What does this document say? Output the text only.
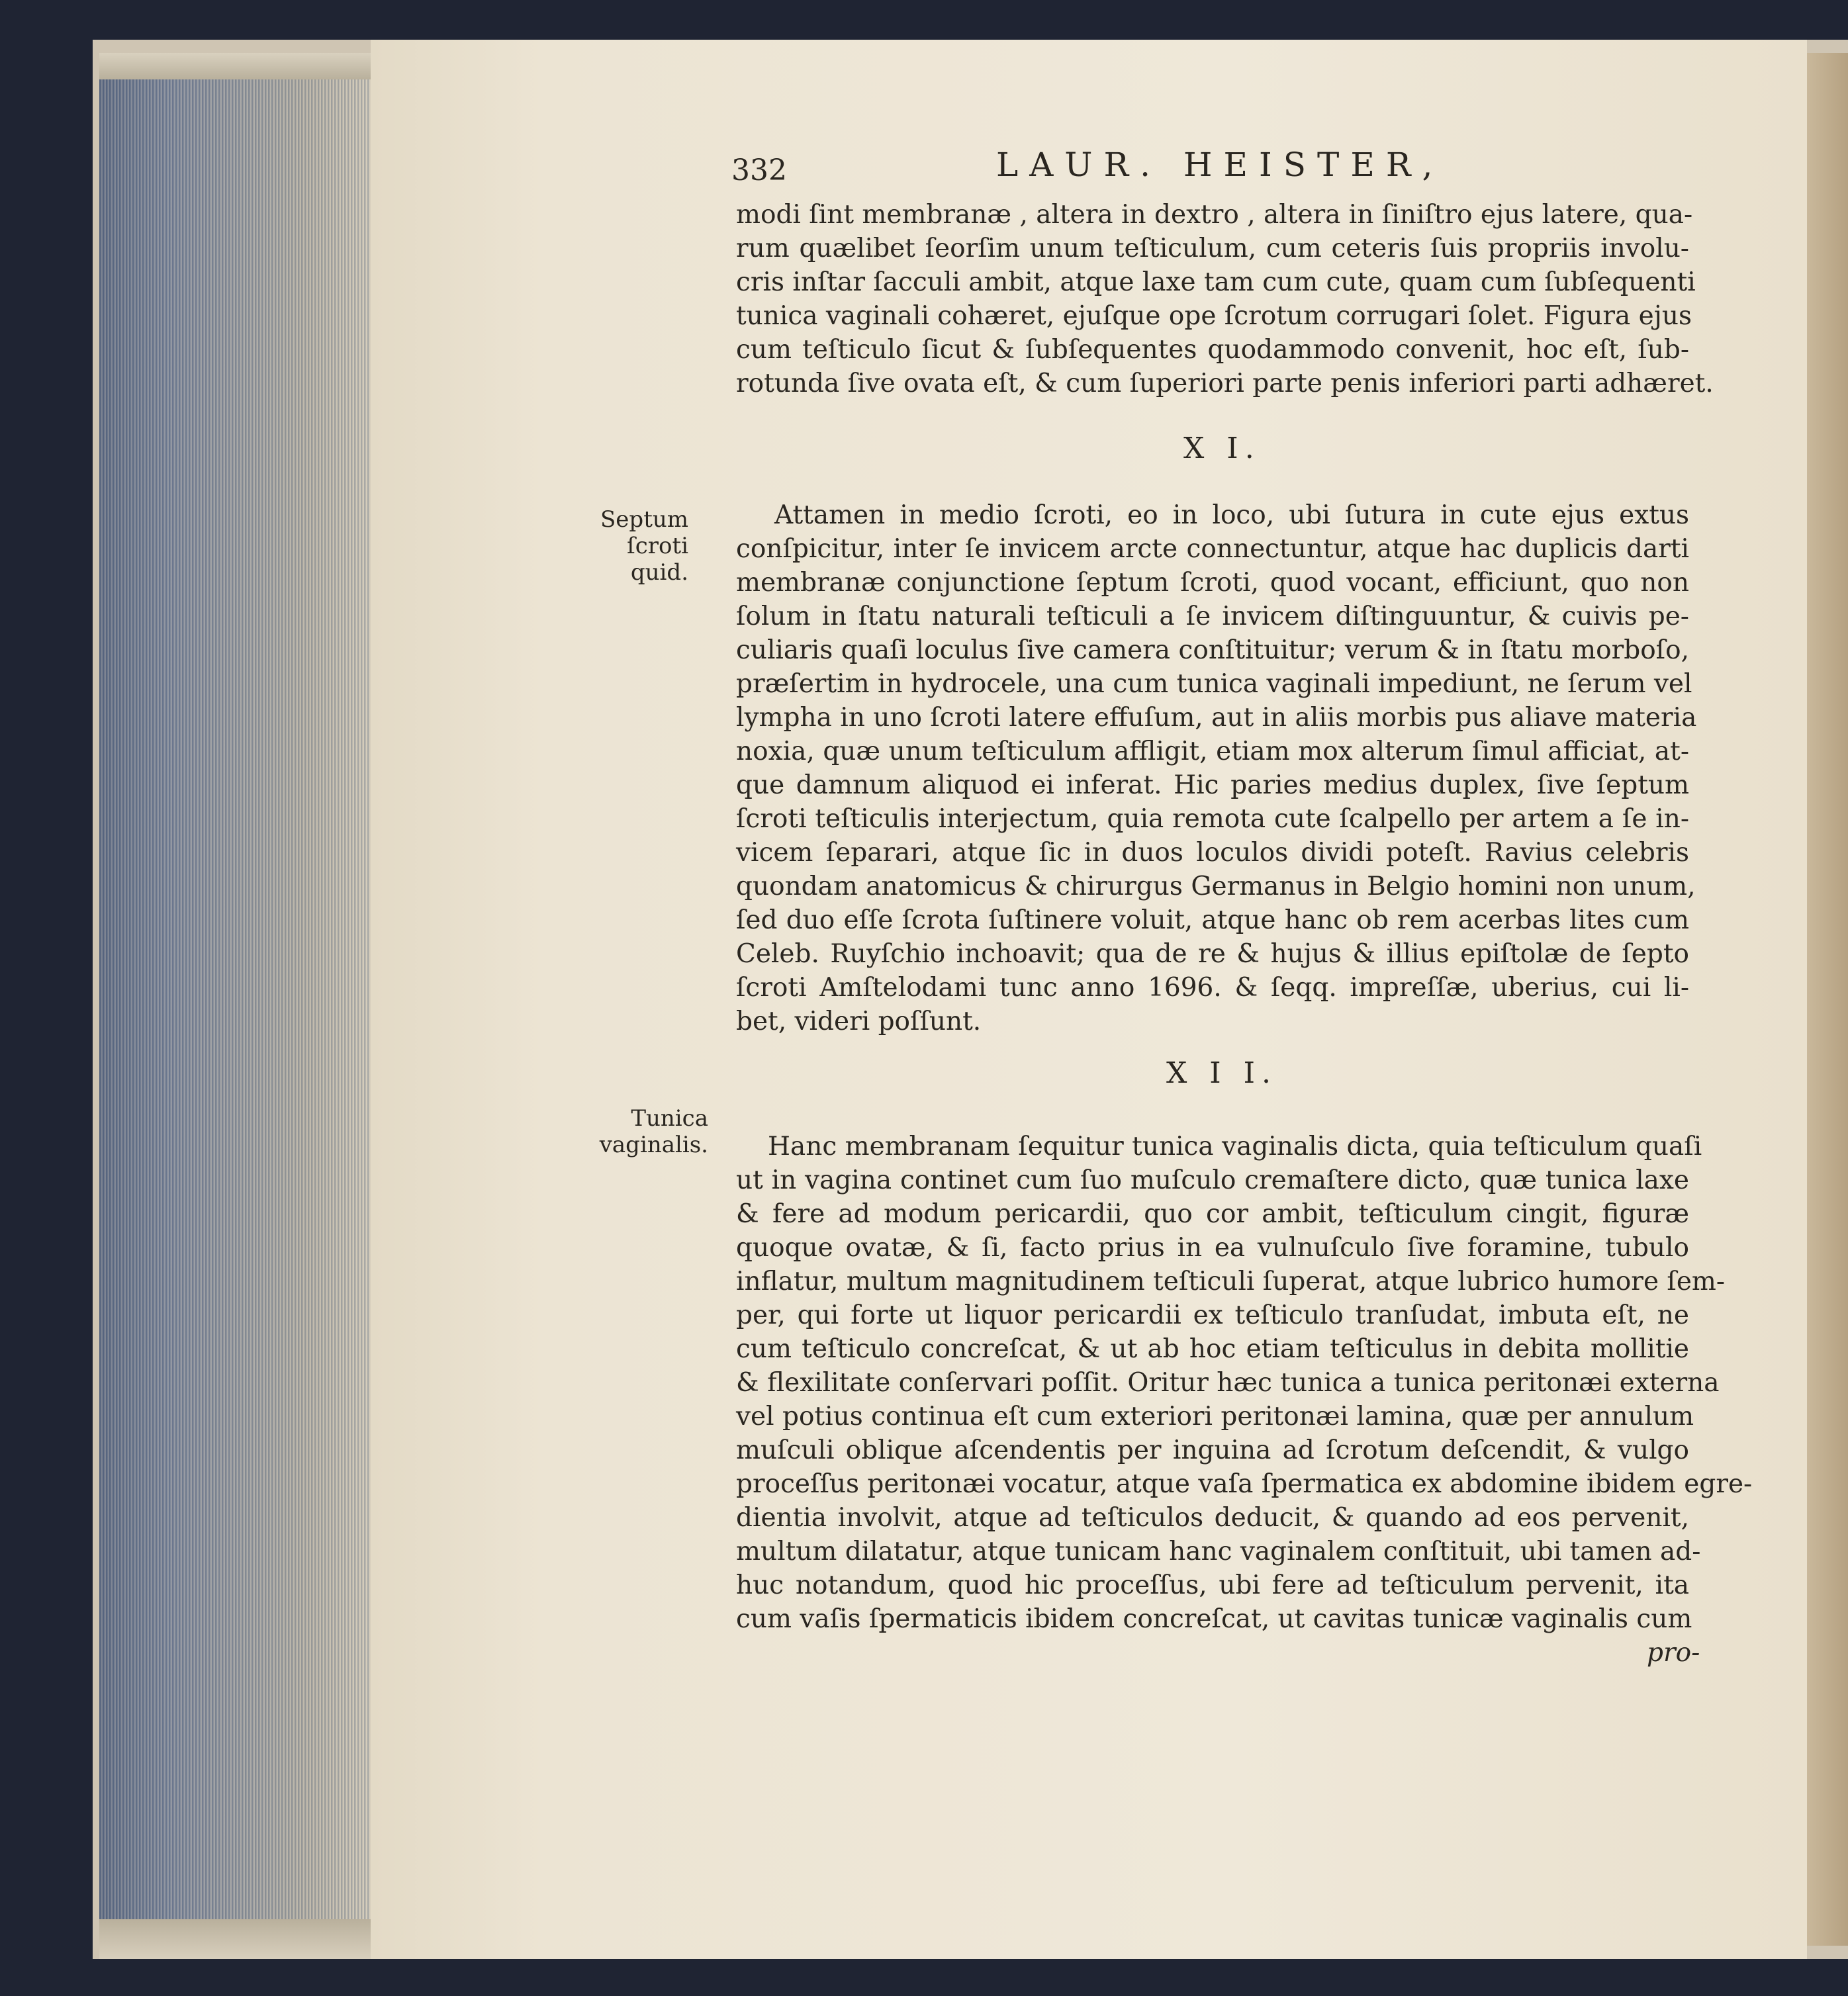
332	LAUR. HEISTER,
modi ſint membranæ , altera in dextro , altera in ſiniſtro ejus latere, qua-
rum quælibet ſeorſim unum teſticulum, cum ceteris ſuis propriis involu-
cris inſtar ſacculi ambit, atque laxe tam cum cute, quam cum ſubſequenti
tunica vaginali cohæret, ejuſque ope ſcrotum corrugari ſolet. Figura ejus
cum teſticulo ſicut & ſubſequentes quodammodo convenit, hoc eſt, ſub-
rotunda ſive ovata eſt, & cum ſuperiori parte penis inferiori parti adhæret.
X I.
Septum
ſcroti
quid.
Attamen in medio ſcroti, eo in loco, ubi ſutura in cute ejus extus
conſpicitur, inter ſe invicem arcte connectuntur, atque hac duplicis darti
membranæ conjunctione ſeptum ſcroti, quod vocant, efficiunt, quo non
ſolum in ſtatu naturali teſticuli a ſe invicem diſtinguuntur, & cuivis pe-
culiaris quaſi loculus ſive camera conſtituitur; verum & in ſtatu morboſo,
præſertim in hydrocele, una cum tunica vaginali impediunt, ne ſerum vel
lympha in uno ſcroti latere effuſum, aut in aliis morbis pus aliave materia
noxia, quæ unum teſticulum affligit, etiam mox alterum ſimul afficiat, at-
que damnum aliquod ei inferat. Hic paries medius duplex, ſive ſeptum
ſcroti teſticulis interjectum, quia remota cute ſcalpello per artem a ſe in-
vicem ſeparari, atque ſic in duos loculos dividi poteſt. Ravius celebris
quondam anatomicus & chirurgus Germanus in Belgio homini non unum,
ſed duo eſſe ſcrota ſuſtinere voluit, atque hanc ob rem acerbas lites cum
Celeb. Ruyſchio inchoavit; qua de re & hujus & illius epiſtolæ de ſepto
ſcroti Amſtelodami tunc anno 1696. & ſeqq. impreſſæ, uberius, cui li-
bet, videri poſſunt.
X I I.
Tunica
vaginalis. Hanc membranam ſequitur tunica vaginalis dicta, quia teſticulum quaſi
ut in vagina continet cum ſuo muſculo cremaſtere dicto, quæ tunica laxe
& fere ad modum pericardii, quo cor ambit, teſticulum cingit, figuræ
quoque ovatæ, & ſi, facto prius in ea vulnuſculo ſive foramine, tubulo
inflatur, multum magnitudinem teſticuli ſuperat, atque lubrico humore ſem-
per, qui forte ut liquor pericardii ex teſticulo tranſudat, imbuta eſt, ne
cum teſticulo concreſcat, & ut ab hoc etiam teſticulus in debita mollitie
& flexilitate conſervari poſſit. Oritur hæc tunica a tunica peritonæi externa
vel potius continua eſt cum exteriori peritonæi lamina, quæ per annulum
muſculi oblique aſcendentis per inguina ad ſcrotum deſcendit, & vulgo
proceſſus peritonæi vocatur, atque vaſa ſpermatica ex abdomine ibidem egre-
dientia involvit, atque ad teſticulos deducit, & quando ad eos pervenit,
multum dilatatur, atque tunicam hanc vaginalem conſtituit, ubi tamen ad-
huc notandum, quod hic proceſſus, ubi fere ad teſticulum pervenit, ita
cum vaſis ſpermaticis ibidem concreſcat, ut cavitas tunicæ vaginalis cum
pro-
